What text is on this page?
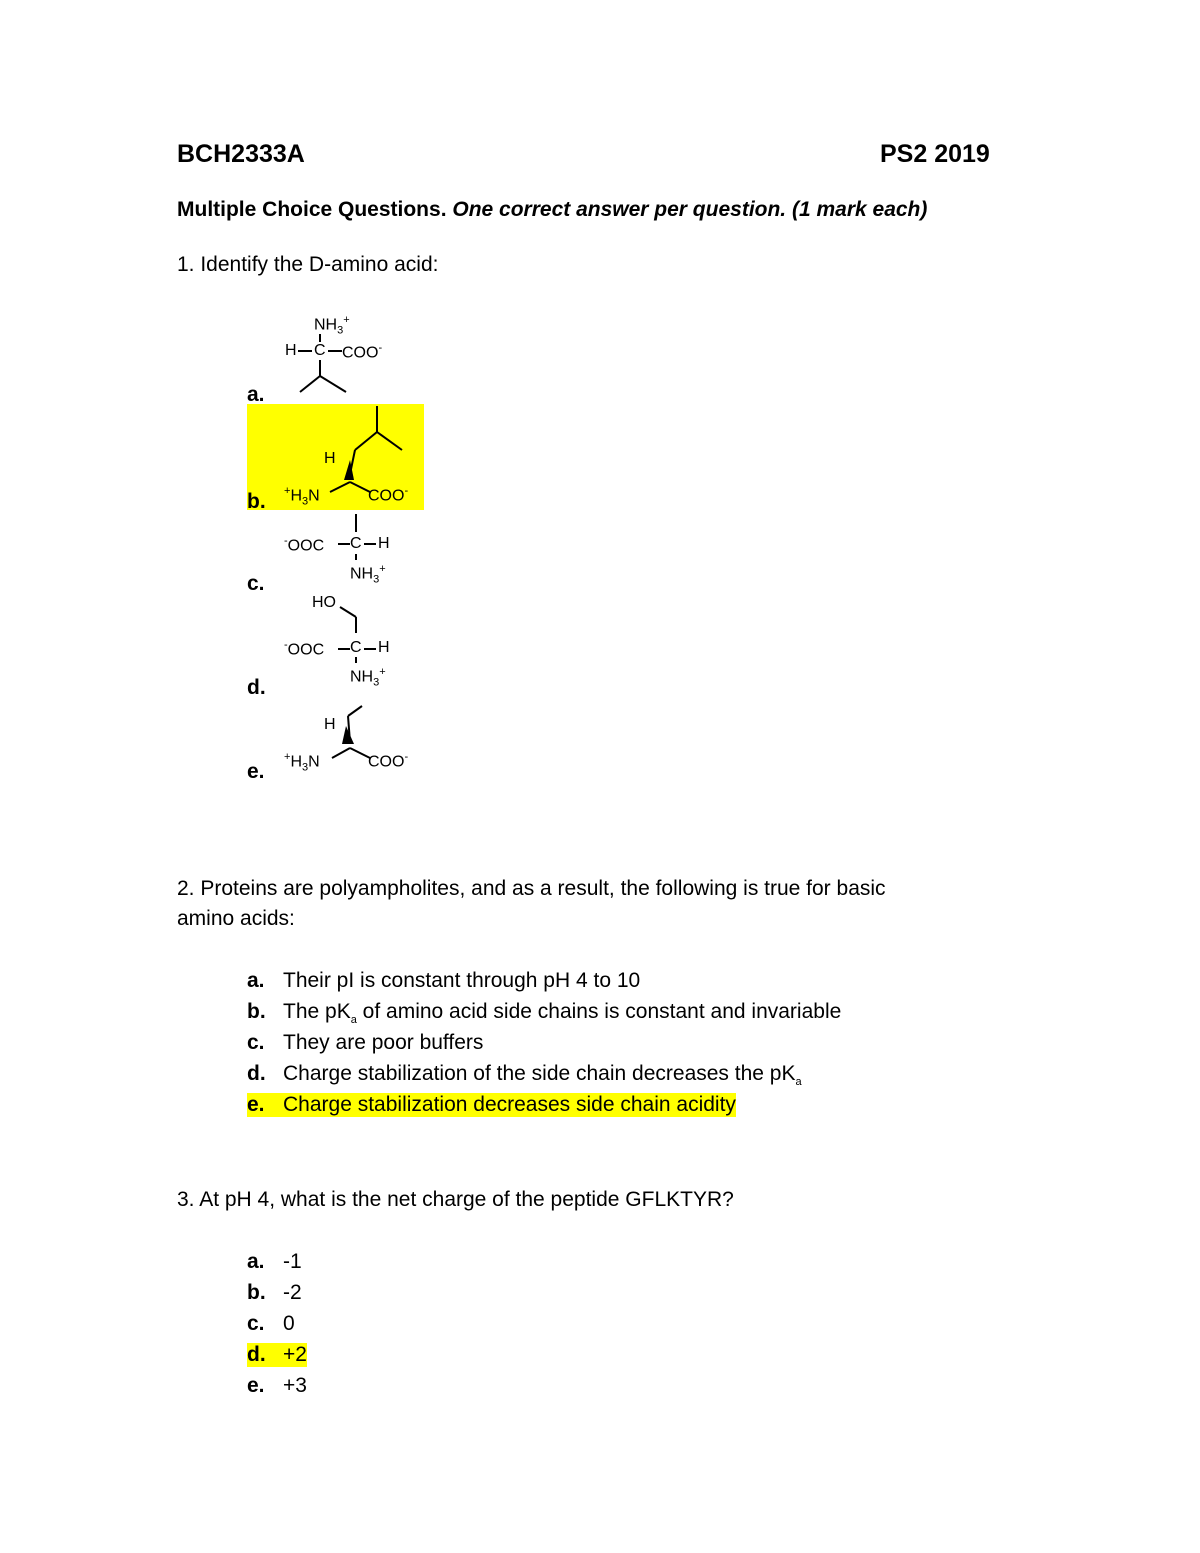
BCH2333A	PS2 2019
Multiple Choice Questions. One correct answer per question. (1 mark each)
1. Identify the D-amino acid:
a.
b.
c.
d.
e.
$NH_3^+$
H C COO-
H
$^+H_3N$	COO-
-OOC C H
$NH_3^+$
HO
-OOC C H
$NH_3^+$
H
$^+H_3N$	COO-
2. Proteins are polyampholites, and as a result, the following is true for basic
amino acids:
a. Their pI is constant through pH 4 to 10
b. The $pK_a$ of amino acid side chains is constant and invariable
c. They are poor buffers
d. Charge stabilization of the side chain decreases the $pK_a$
e. Charge stabilization decreases side chain acidity
3. At pH 4, what is the net charge of the peptide GFLKTYR?
a. -1
b. -2
c. 0
d. +2
e. +3
